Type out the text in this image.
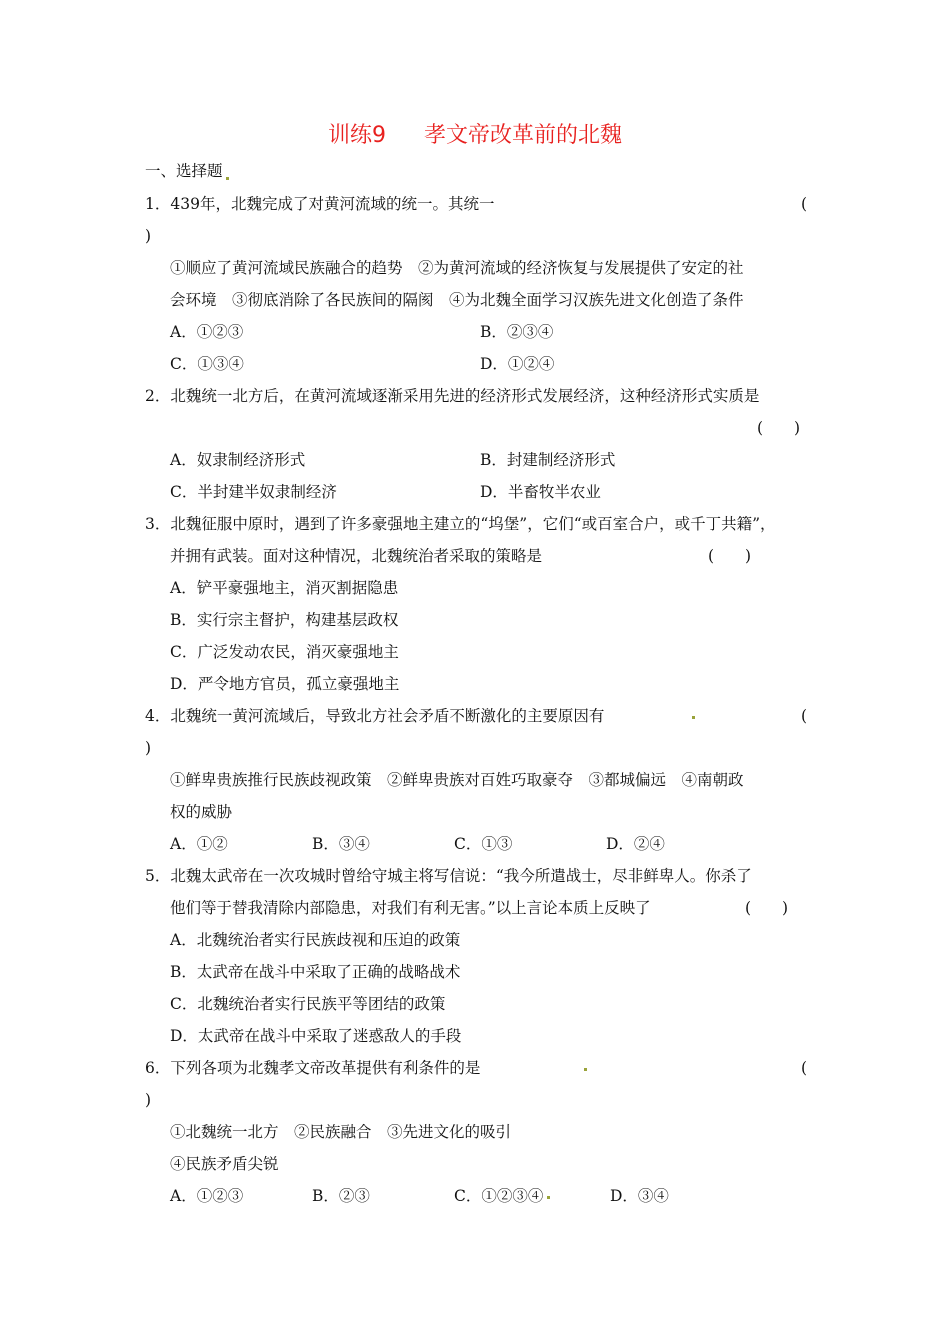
训练9 孝文帝改革前的北魏
一、选择题
1．439年，北魏完成了对黄河流域的统一。其统一	(
)
①顺应了黄河流域民族融合的趋势　②为黄河流域的经济恢复与发展提供了安定的社
会环境　③彻底消除了各民族间的隔阂　④为北魏全面学习汉族先进文化创造了条件
A．①②③	B．②③④
C．①③④	D．①②④
2．北魏统一北方后，在黄河流域逐渐采用先进的经济形式发展经济，这种经济形式实质是
(　　)
A．奴隶制经济形式	B．封建制经济形式
C．半封建半奴隶制经济	D．半畜牧半农业
3．北魏征服中原时，遇到了许多豪强地主建立的“坞堡”，它们“或百室合户，或千丁共籍”，
并拥有武装。面对这种情况，北魏统治者采取的策略是	(　　)
A．铲平豪强地主，消灭割据隐患
B．实行宗主督护，构建基层政权
C．广泛发动农民，消灭豪强地主
D．严令地方官员，孤立豪强地主
4．北魏统一黄河流域后，导致北方社会矛盾不断激化的主要原因有	(
)
①鲜卑贵族推行民族歧视政策　②鲜卑贵族对百姓巧取豪夺　③都城偏远　④南朝政
权的威胁
A．①②	B．③④	C．①③	D．②④
5．北魏太武帝在一次攻城时曾给守城主将写信说：“我今所遣战士，尽非鲜卑人。你杀了
他们等于替我清除内部隐患，对我们有利无害。”以上言论本质上反映了	(　　)
A．北魏统治者实行民族歧视和压迫的政策
B．太武帝在战斗中采取了正确的战略战术
C．北魏统治者实行民族平等团结的政策
D．太武帝在战斗中采取了迷惑敌人的手段
6．下列各项为北魏孝文帝改革提供有利条件的是	(
)
①北魏统一北方　②民族融合　③先进文化的吸引
④民族矛盾尖锐
A．①②③	B．②③	C．①②③④	D．③④
